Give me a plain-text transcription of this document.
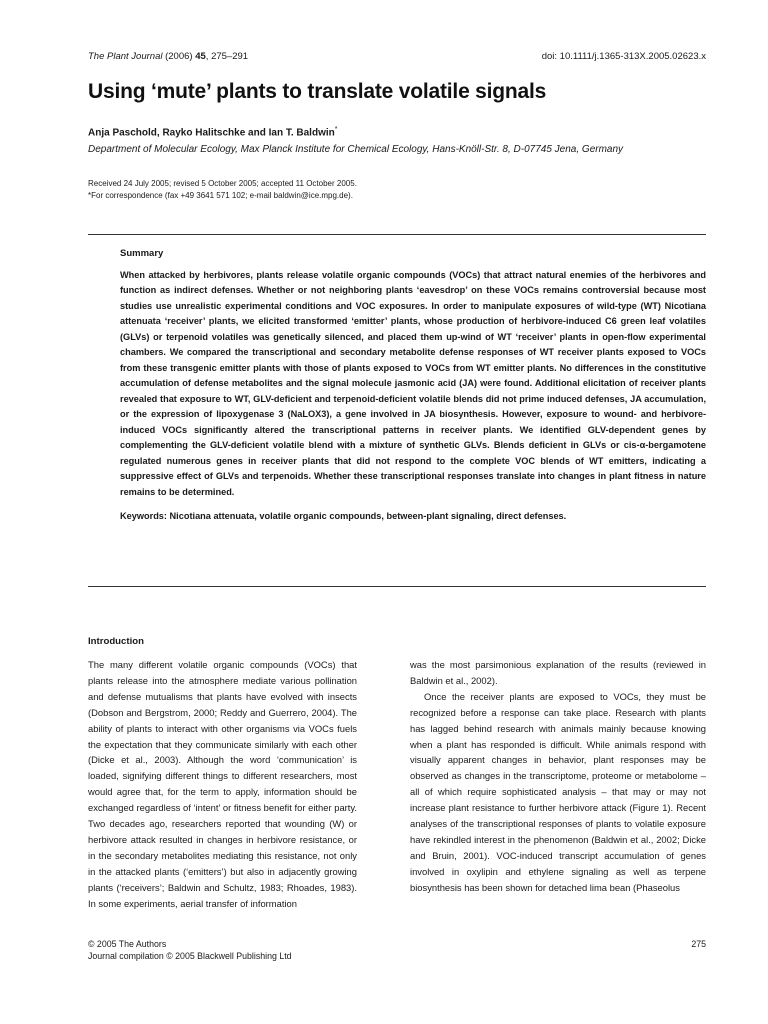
The Plant Journal (2006) 45, 275–291	doi: 10.1111/j.1365-313X.2005.02623.x
Using ‘mute’ plants to translate volatile signals
Anja Paschold, Rayko Halitschke and Ian T. Baldwin*
Department of Molecular Ecology, Max Planck Institute for Chemical Ecology, Hans-Knöll-Str. 8, D-07745 Jena, Germany
Received 24 July 2005; revised 5 October 2005; accepted 11 October 2005.
*For correspondence (fax +49 3641 571 102; e-mail baldwin@ice.mpg.de).
Summary
When attacked by herbivores, plants release volatile organic compounds (VOCs) that attract natural enemies of the herbivores and function as indirect defenses. Whether or not neighboring plants ‘eavesdrop’ on these VOCs remains controversial because most studies use unrealistic experimental conditions and VOC exposures. In order to manipulate exposures of wild-type (WT) Nicotiana attenuata ‘receiver’ plants, we elicited transformed ‘emitter’ plants, whose production of herbivore-induced C6 green leaf volatiles (GLVs) or terpenoid volatiles was genetically silenced, and placed them up-wind of WT ‘receiver’ plants in open-flow experimental chambers. We compared the transcriptional and secondary metabolite defense responses of WT receiver plants exposed to VOCs from these transgenic emitter plants with those of plants exposed to VOCs from WT emitter plants. No differences in the constitutive accumulation of defense metabolites and the signal molecule jasmonic acid (JA) were found. Additional elicitation of receiver plants revealed that exposure to WT, GLV-deficient and terpenoid-deficient volatile blends did not prime induced defenses, JA accumulation, or the expression of lipoxygenase 3 (NaLOX3), a gene involved in JA biosynthesis. However, exposure to wound- and herbivore-induced VOCs significantly altered the transcriptional patterns in receiver plants. We identified GLV-dependent genes by complementing the GLV-deficient volatile blend with a mixture of synthetic GLVs. Blends deficient in GLVs or cis-α-bergamotene regulated numerous genes in receiver plants that did not respond to the complete VOC blends of WT emitters, indicating a suppressive effect of GLVs and terpenoids. Whether these transcriptional responses translate into changes in plant fitness in nature remains to be determined.
Keywords: Nicotiana attenuata, volatile organic compounds, between-plant signaling, direct defenses.
Introduction

The many different volatile organic compounds (VOCs) that plants release into the atmosphere mediate various pollination and defense mutualisms that plants have evolved with insects (Dobson and Bergstrom, 2000; Reddy and Guerrero, 2004). The ability of plants to interact with other organisms via VOCs fuels the expectation that they communicate similarly with each other (Dicke et al., 2003). Although the word ‘communication’ is loaded, signifying different things to different researchers, most would agree that, for the term to apply, information should be exchanged regardless of ‘intent’ or fitness benefit for either party. Two decades ago, researchers reported that wounding (W) or herbivore attack resulted in changes in herbivore resistance, or in the secondary metabolites mediating this resistance, not only in the attacked plants (‘emitters’) but also in adjacently growing plants (‘receivers’; Baldwin and Schultz, 1983; Rhoades, 1983). In some experiments, aerial transfer of information

was the most parsimonious explanation of the results (reviewed in Baldwin et al., 2002).

Once the receiver plants are exposed to VOCs, they must be recognized before a response can take place. Research with plants has lagged behind research with animals mainly because knowing when a plant has responded is difficult. While animals respond with visually apparent changes in behavior, plant responses may be observed as changes in the transcriptome, proteome or metabolome – all of which require sophisticated analysis – that may or may not increase plant resistance to further herbivore attack (Figure 1). Recent analyses of the transcriptional responses of plants to volatile exposure have rekindled interest in the phenomenon (Baldwin et al., 2002; Dicke and Bruin, 2001). VOC-induced transcript accumulation of genes involved in oxylipin and ethylene signaling as well as terpene biosynthesis has been shown for detached lima bean (Phaseolus

© 2005 The Authors
Journal compilation © 2005 Blackwell Publishing Ltd
275
